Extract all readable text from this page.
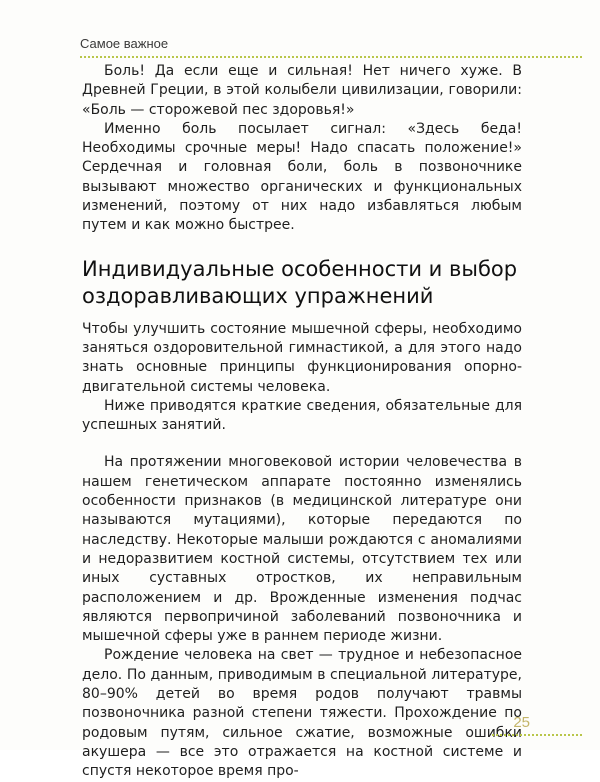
Самое важное

Боль! Да если еще и сильная! Нет ничего хуже. В Древней Греции, в этой колыбели цивилизации, говорили: «Боль — сторожевой пес здоровья!»

Именно боль посылает сигнал: «Здесь беда! Необходимы срочные меры! Надо спасать положение!» Сердечная и головная боли, боль в позвоночнике вызывают множество органических и функциональных изменений, поэтому от них надо избавляться любым путем и как можно быстрее.

Индивидуальные особенности и выбор оздоравливающих упражнений

Чтобы улучшить состояние мышечной сферы, необходимо заняться оздоровительной гимнастикой, а для этого надо знать основные принципы функционирования опорно-двигательной системы человека.

Ниже приводятся краткие сведения, обязательные для успешных занятий.

На протяжении многовековой истории человечества в нашем генетическом аппарате постоянно изменялись особенности признаков (в медицинской литературе они называются мутациями), которые передаются по наследству. Некоторые малыши рождаются с аномалиями и недоразвитием костной системы, отсутствием тех или иных суставных отростков, их неправильным расположением и др. Врожденные изменения подчас являются первопричиной заболеваний позвоночника и мышечной сферы уже в раннем периоде жизни.

Рождение человека на свет — трудное и небезопасное дело. По данным, приводимым в специальной литературе, 80–90% детей во время родов получают травмы позвоночника разной степени тяжести. Прохождение по родовым путям, сильное сжатие, возможные ошибки акушера — все это отражается на костной системе и спустя некоторое время про-

25
